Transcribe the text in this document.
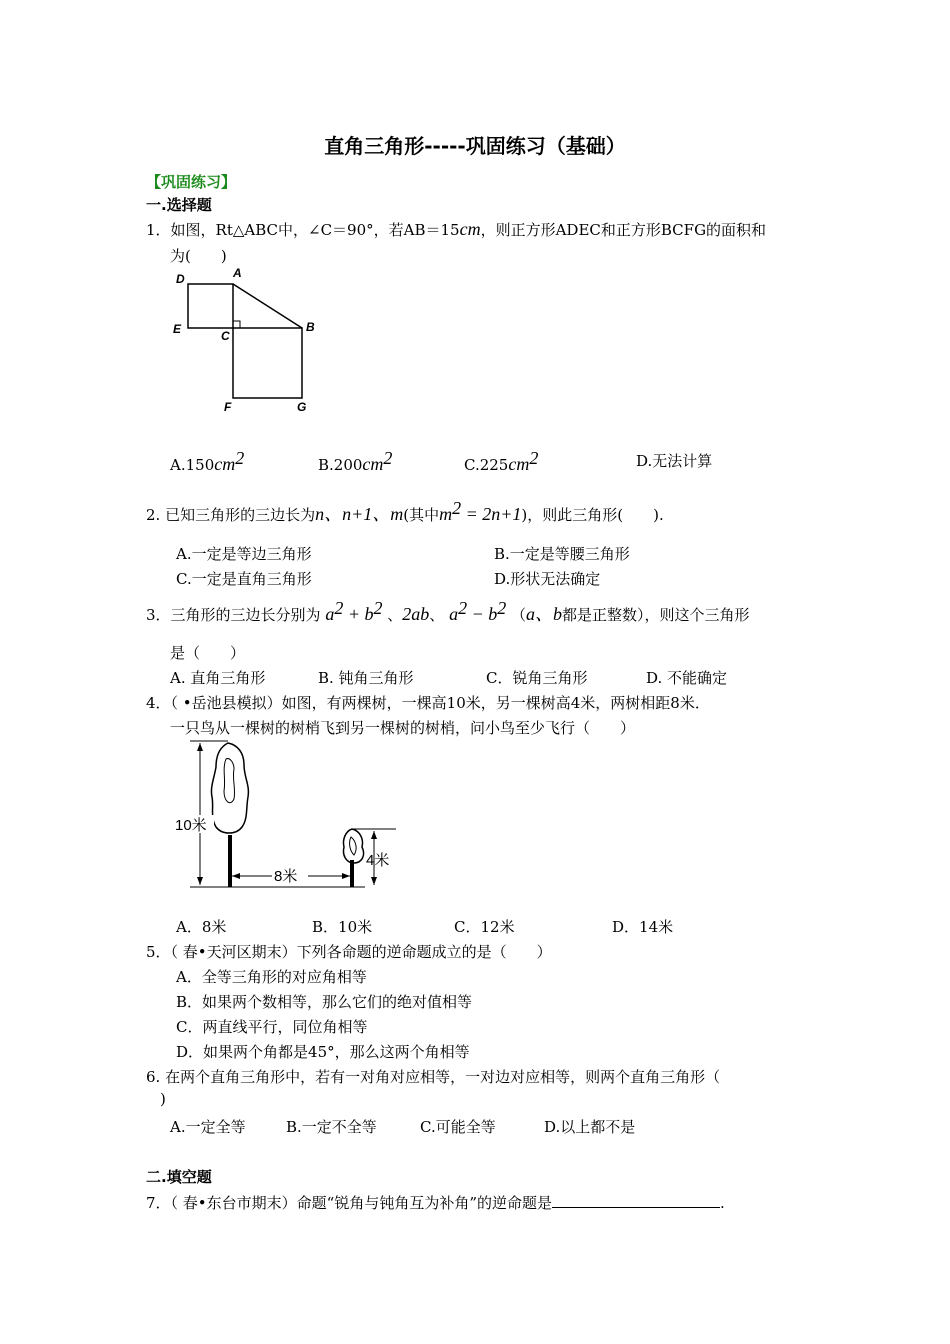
直角三角形-----巩固练习（基础）
【巩固练习】
一.选择题
1．如图，Rt△ABC中，∠C＝90°，若AB＝15cm，则正方形ADEC和正方形BCFG的面积和
为(　　)
D	A
E	C
B
F	G
$A.150cm^2$	$B.200cm^2$	$C.225cm^2$	D.无法计算
2. 已知三角形的三边长为n、n+1、m(其中$m^2 = 2n+1$)，则此三角形(　　).
A.一定是等边三角形	B.一定是等腰三角形
C.一定是直角三角形	D.形状无法确定
3．三角形的三边长分别为 $a^2 + b^2$ 、2ab、 $a^2 - b^2$ （a、b都是正整数），则这个三角形
是（　　）
A. 直角三角形	B. 钝角三角形	C．锐角三角形	D. 不能确定
4．（ •岳池县模拟）如图，有两棵树，一棵高10米，另一棵树高4米，两树相距8米．
一只鸟从一棵树的树梢飞到另一棵树的树梢，问小鸟至少飞行（　　）
10米
4米
8米
A．8米	B．10米	C．12米	D．14米
5．（ 春•天河区期末）下列各命题的逆命题成立的是（　　）
A．全等三角形的对应角相等
B．如果两个数相等，那么它们的绝对值相等
C．两直线平行，同位角相等
D．如果两个角都是45°，那么这两个角相等
6. 在两个直角三角形中，若有一对角对应相等，一对边对应相等，则两个直角三角形（
)
A.一定全等	B.一定不全等	C.可能全等	D.以上都不是
二.填空题
7．（ 春•东台市期末）命题“锐角与钝角互为补角”的逆命题是	.
